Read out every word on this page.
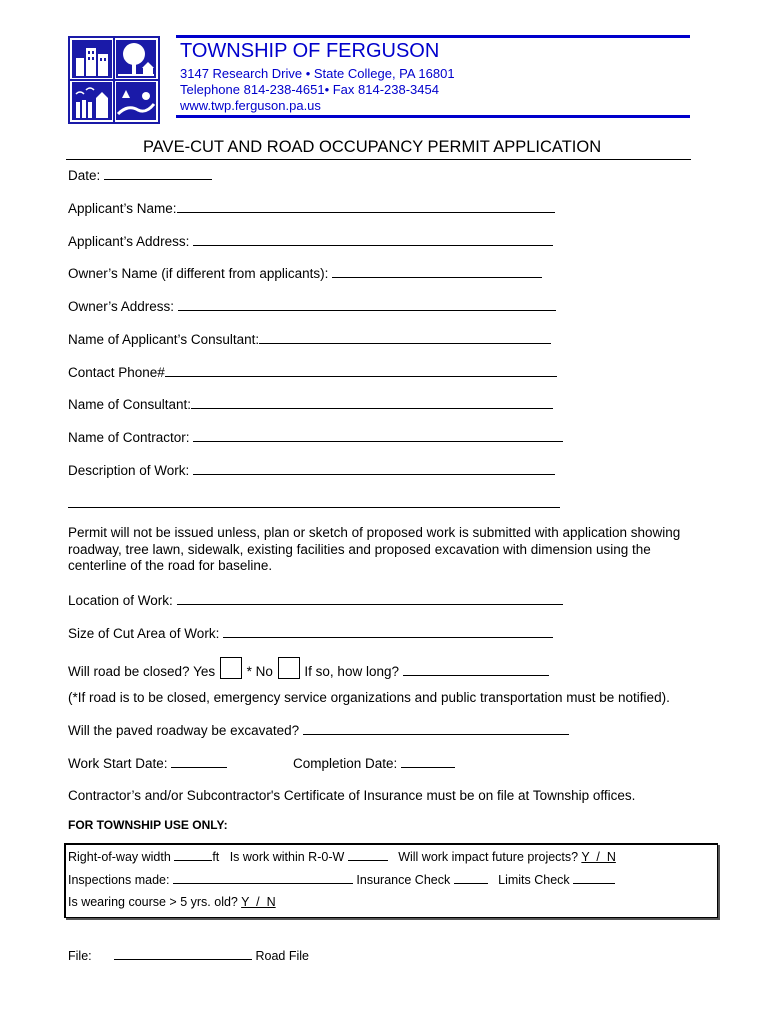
TOWNSHIP OF FERGUSON
3147 Research Drive • State College, PA 16801
Telephone 814-238-4651• Fax 814-238-3454
www.twp.ferguson.pa.us
PAVE-CUT AND ROAD OCCUPANCY PERMIT APPLICATION
Date:
Applicant’s Name:
Applicant’s Address:
Owner’s Name (if different from applicants):
Owner’s Address:
Name of Applicant’s Consultant:
Contact Phone#
Name of Consultant:
Name of Contractor:
Description of Work:
Permit will not be issued unless, plan or sketch of proposed work is submitted with application showing roadway, tree lawn, sidewalk, existing facilities and proposed excavation with dimension using the centerline of the road for baseline.
Location of Work:
Size of Cut Area of Work:
Will road be closed? Yes * No If so, how long?
(*If road is to be closed, emergency service organizations and public transportation must be notified).
Will the paved roadway be excavated?
Work Start Date:	Completion Date:
Contractor’s and/or Subcontractor's Certificate of Insurance must be on file at Township offices.
FOR TOWNSHIP USE ONLY:
Right-of-way width	ft Is work within R-0-W	Will work impact future projects? Y  /  N
Inspections made:	Insurance Check	Limits Check
Is wearing course > 5 yrs. old? Y  /  N
File:	Road File
